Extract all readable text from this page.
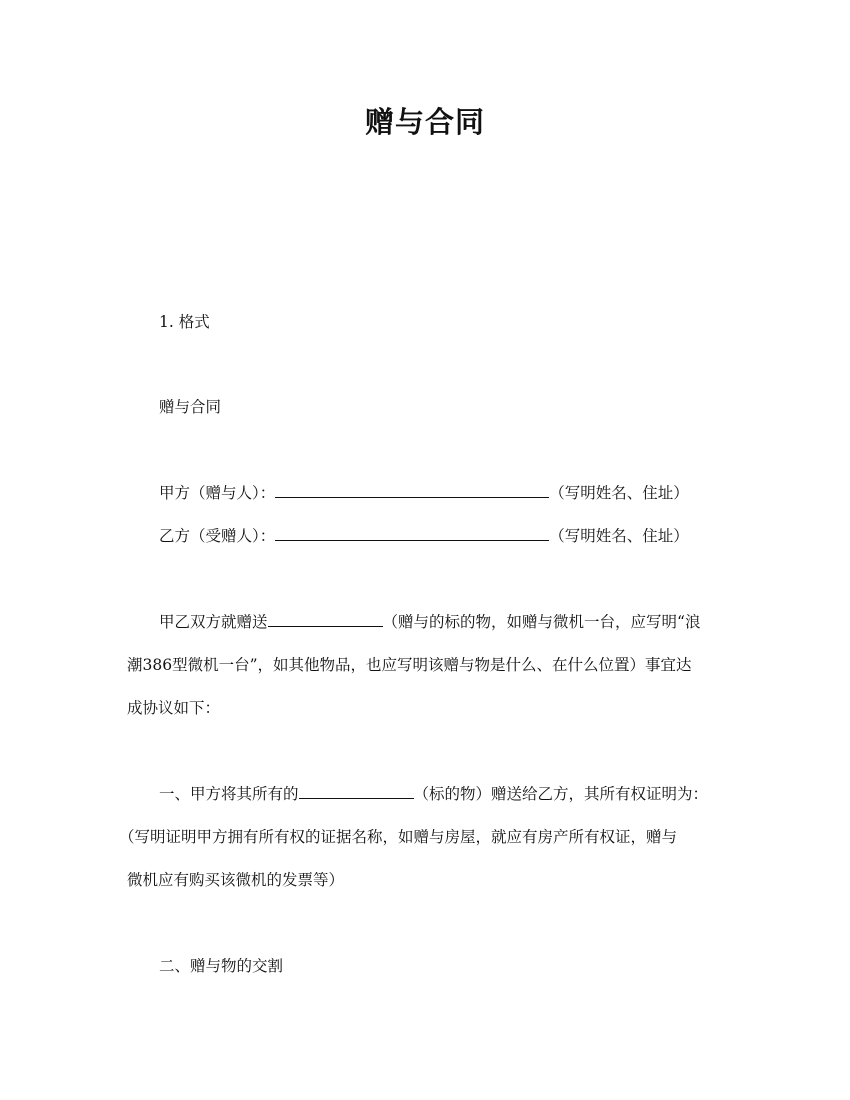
赠与合同
1. 格式
赠与合同
甲方（赠与人）：	（写明姓名、住址）
乙方（受赠人）：	（写明姓名、住址）
甲乙双方就赠送	（赠与的标的物，如赠与微机一台，应写明“浪
潮386型微机一台”，如其他物品，也应写明该赠与物是什么、在什么位置）事宜达
成协议如下：
一、甲方将其所有的	（标的物）赠送给乙方，其所有权证明为：
（写明证明甲方拥有所有权的证据名称，如赠与房屋，就应有房产所有权证，赠与
微机应有购买该微机的发票等）
二、赠与物的交割
